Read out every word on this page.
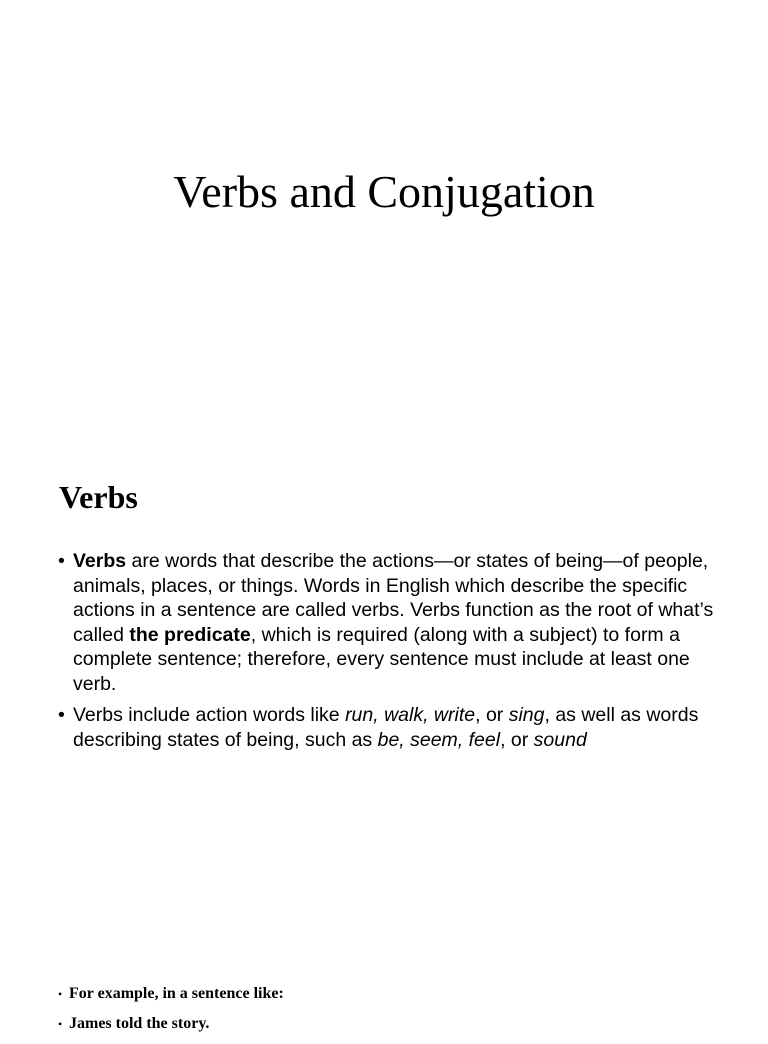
Verbs and Conjugation
Verbs
• Verbs are words that describe the actions—or states of being—of people, animals, places, or things. Words in English which describe the specific actions in a sentence are called verbs. Verbs function as the root of what’s called the predicate, which is required (along with a subject) to form a complete sentence; therefore, every sentence must include at least one verb.
• Verbs include action words like run, walk, write, or sing, as well as words describing states of being, such as be, seem, feel, or sound
• For example, in a sentence like:
• James told the story.
